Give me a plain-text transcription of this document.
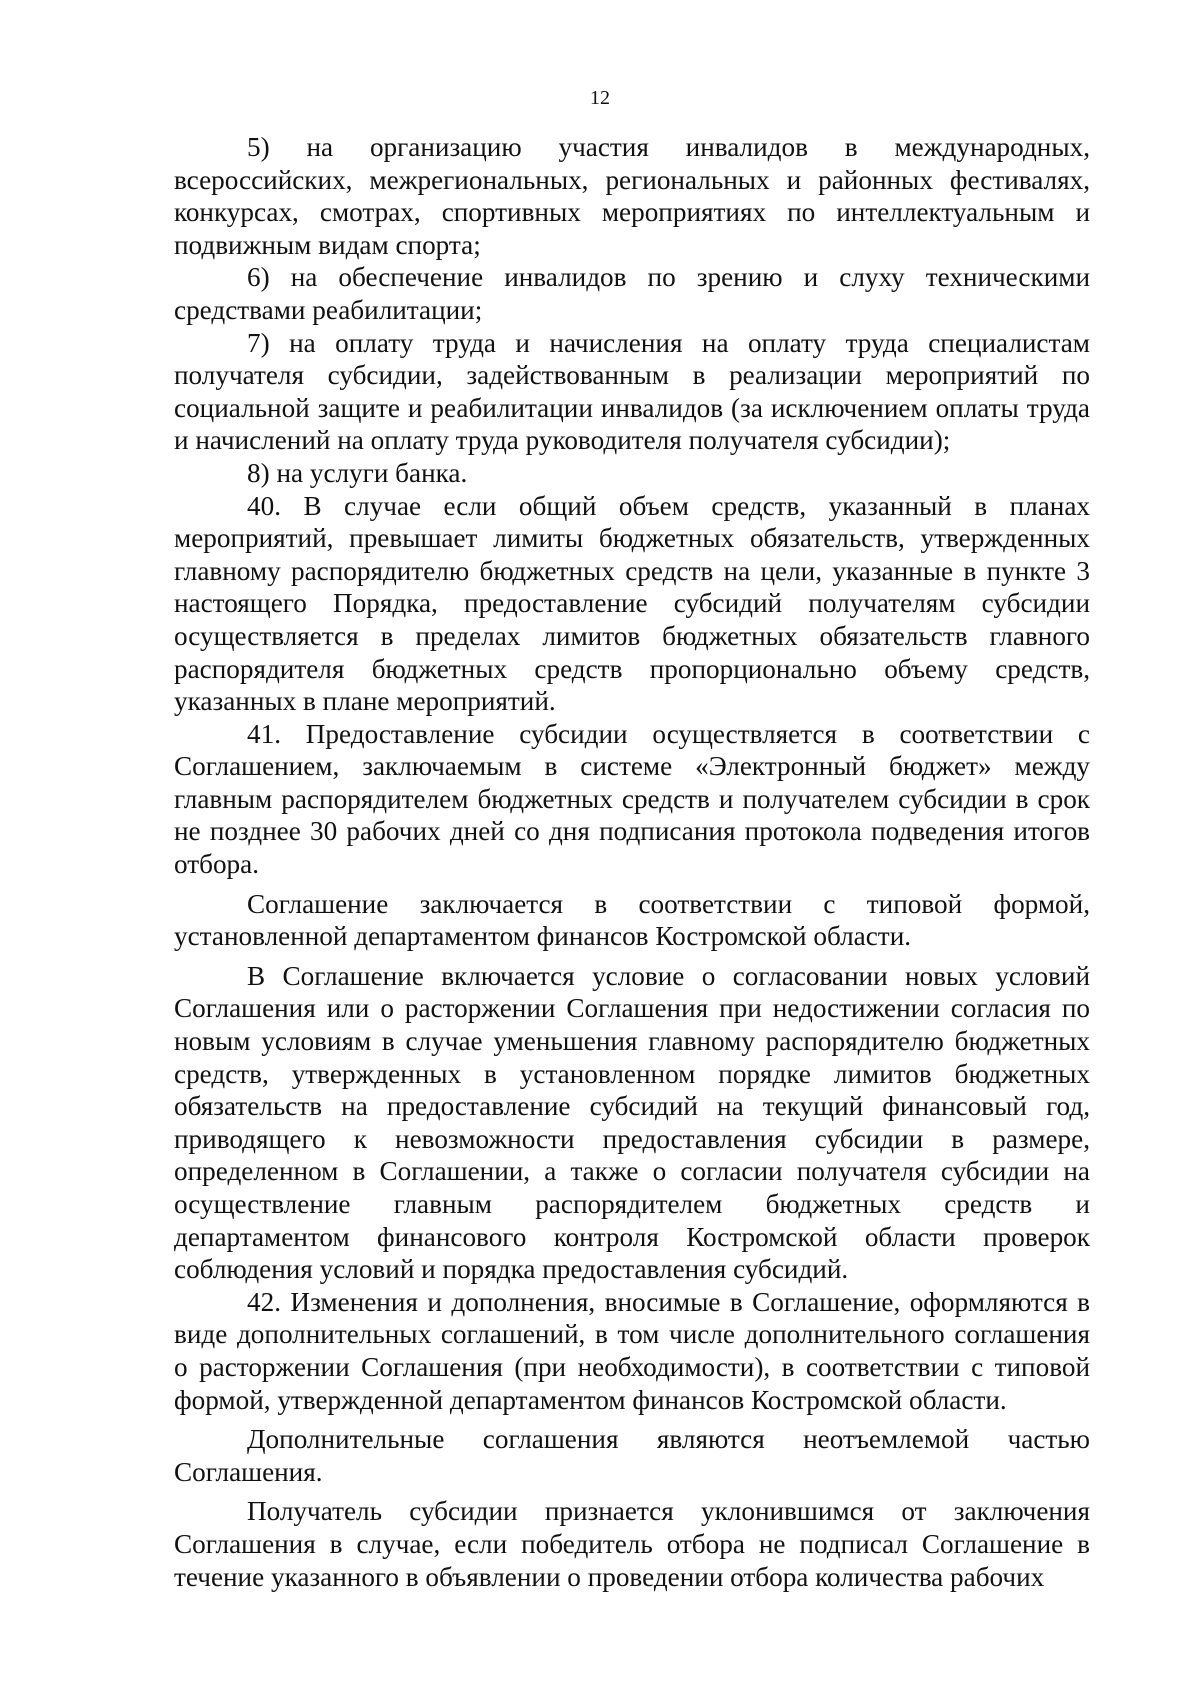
12

5) на организацию участия инвалидов в международных, всероссийских, межрегиональных, региональных и районных фестивалях, конкурсах, смотрах, спортивных мероприятиях по интеллектуальным и подвижным видам спорта;

6) на обеспечение инвалидов по зрению и слуху техническими средствами реабилитации;

7) на оплату труда и начисления на оплату труда специалистам получателя субсидии, задействованным в реализации мероприятий по социальной защите и реабилитации инвалидов (за исключением оплаты труда и начислений на оплату труда руководителя получателя субсидии);

8) на услуги банка.

40. В случае если общий объем средств, указанный в планах мероприятий, превышает лимиты бюджетных обязательств, утвержденных главному распорядителю бюджетных средств на цели, указанные в пункте 3 настоящего Порядка, предоставление субсидий получателям субсидии осуществляется в пределах лимитов бюджетных обязательств главного распорядителя бюджетных средств пропорционально объему средств, указанных в плане мероприятий.

41. Предоставление субсидии осуществляется в соответствии с Соглашением, заключаемым в системе «Электронный бюджет» между главным распорядителем бюджетных средств и получателем субсидии в срок не позднее 30 рабочих дней со дня подписания протокола подведения итогов отбора.

Соглашение заключается в соответствии с типовой формой, установленной департаментом финансов Костромской области.

В Соглашение включается условие о согласовании новых условий Соглашения или о расторжении Соглашения при недостижении согласия по новым условиям в случае уменьшения главному распорядителю бюджетных средств, утвержденных в установленном порядке лимитов бюджетных обязательств на предоставление субсидий на текущий финансовый год, приводящего к невозможности предоставления субсидии в размере, определенном в Соглашении, а также о согласии получателя субсидии на осуществление главным распорядителем бюджетных средств и департаментом финансового контроля Костромской области проверок соблюдения условий и порядка предоставления субсидий.

42. Изменения и дополнения, вносимые в Соглашение, оформляются в виде дополнительных соглашений, в том числе дополнительного соглашения о расторжении Соглашения (при необходимости), в соответствии с типовой формой, утвержденной департаментом финансов Костромской области.

Дополнительные соглашения являются неотъемлемой частью Соглашения.

Получатель субсидии признается уклонившимся от заключения Соглашения в случае, если победитель отбора не подписал Соглашение в течение указанного в объявлении о проведении отбора количества рабочих
